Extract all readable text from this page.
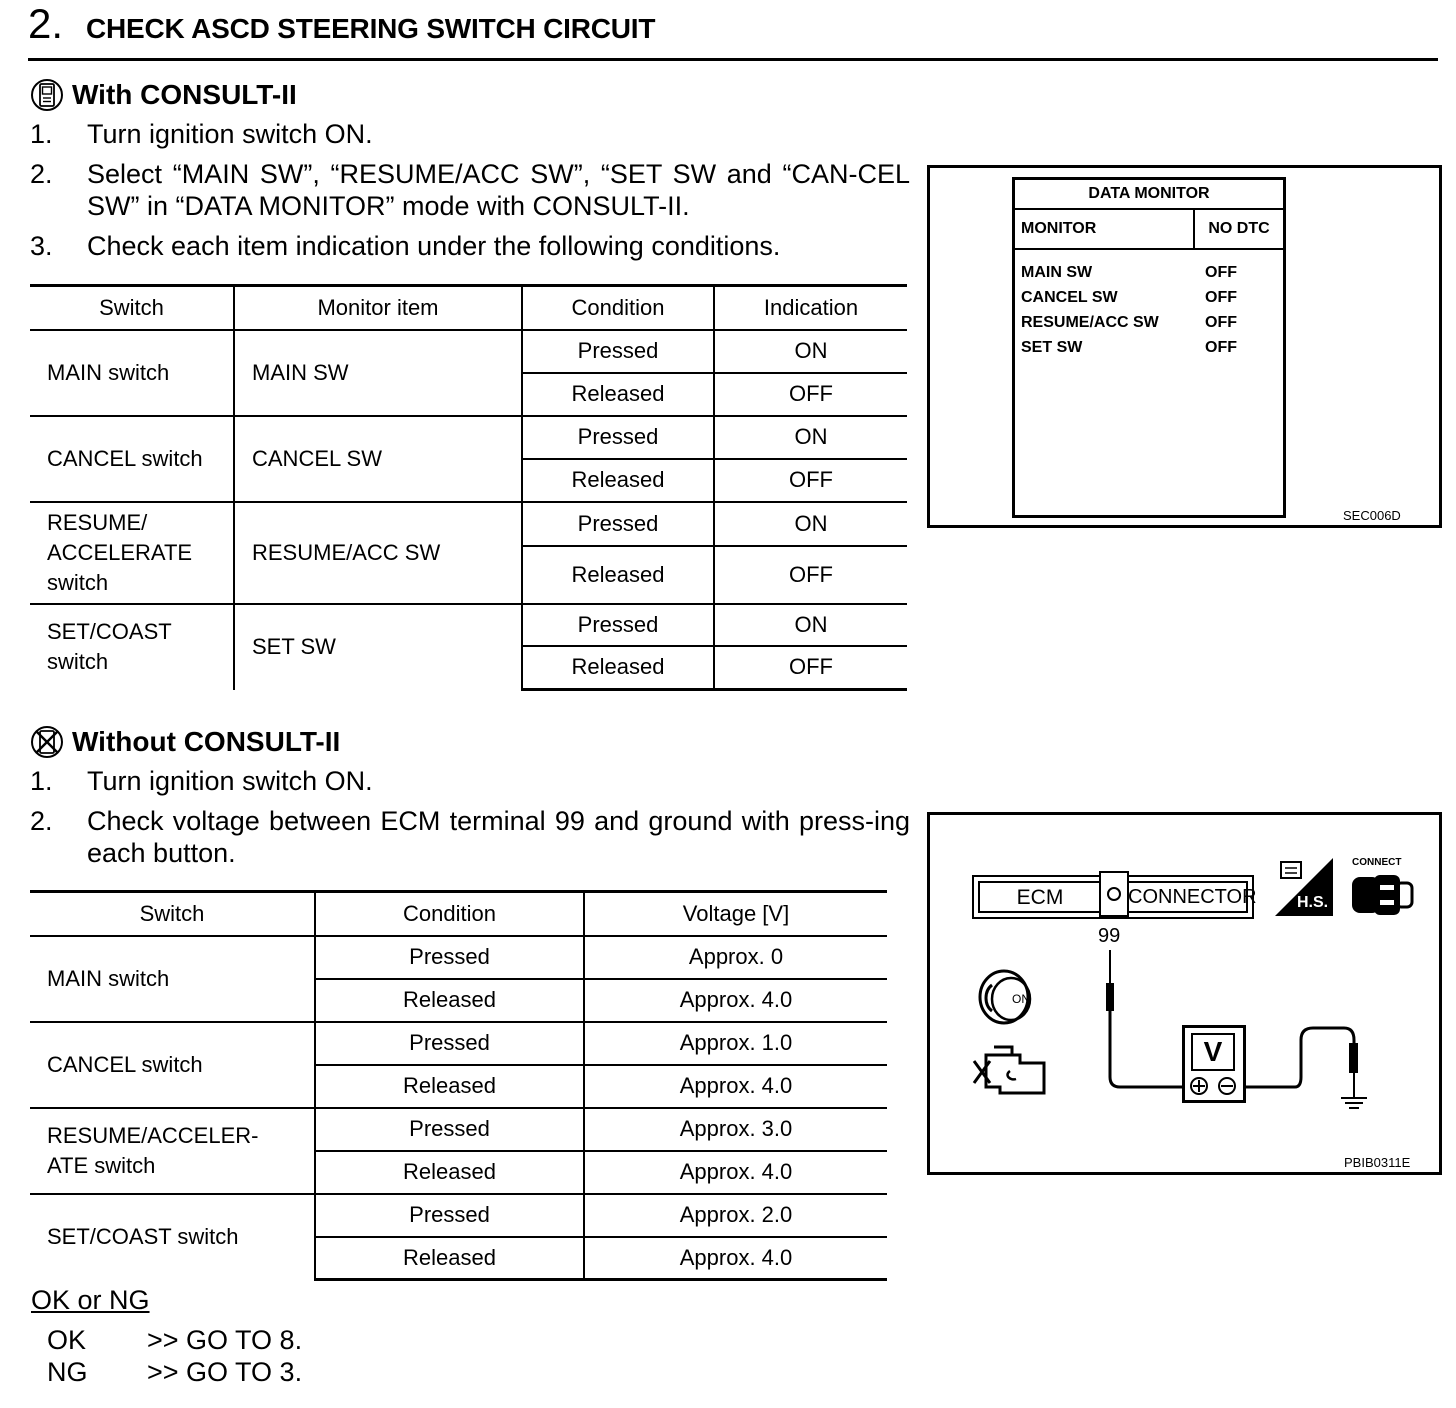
2. CHECK ASCD STEERING SWITCH CIRCUIT
With CONSULT-II
1.	Turn ignition switch ON.
2.	Select “MAIN SW”, “RESUME/ACC SW”, “SET SW and “CAN-CEL SW” in “DATA MONITOR” mode with CONSULT-II.
3.	Check each item indication under the following conditions.
Switch	Monitor item	Condition	Indication
MAIN switch	MAIN SW	Pressed	ON
		Released	OFF
CANCEL switch	CANCEL SW	Pressed	ON
		Released	OFF
RESUME/ ACCELERATE switch	RESUME/ACC SW	Pressed	ON
		Released	OFF
SET/COAST switch	SET SW	Pressed	ON
		Released	OFF
DATA MONITOR
MONITOR	NO DTC
MAIN SW	OFF
CANCEL SW	OFF
RESUME/ACC SW	OFF
SET SW	OFF
SEC006D
Without CONSULT-II
1.	Turn ignition switch ON.
2.	Check voltage between ECM terminal 99 and ground with press-ing each button.
Switch	Condition	Voltage [V]
MAIN switch	Pressed	Approx. 0
	Released	Approx. 4.0
CANCEL switch	Pressed	Approx. 1.0
	Released	Approx. 4.0
RESUME/ACCELER-ATE switch	Pressed	Approx. 3.0
	Released	Approx. 4.0
SET/COAST switch	Pressed	Approx. 2.0
	Released	Approx. 4.0
ECM	CONNECTOR
99
H.S.
CONNECT
ON
V
PBIB0311E
OK or NG
OK >> GO TO 8.
NG >> GO TO 3.
